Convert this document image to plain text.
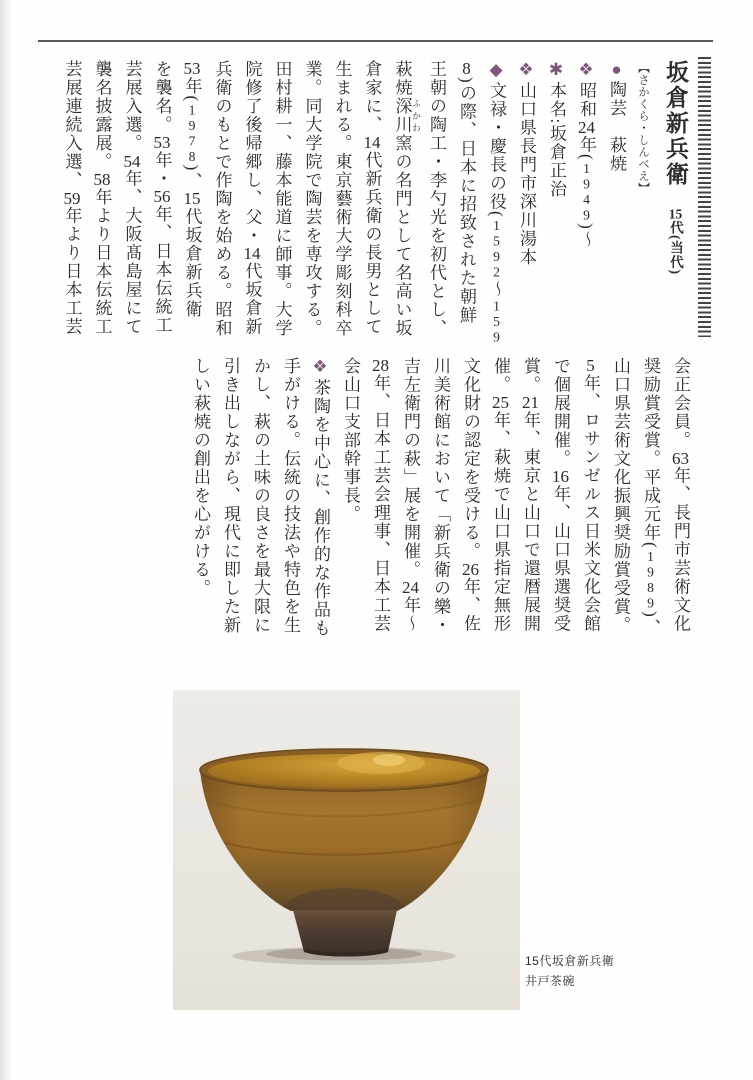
坂倉新兵衛 15代(当代)
【さかくら・しんべえ】
●陶芸　萩焼
❖昭和24年(1949)〜
✱本名:坂倉正治
❖山口県長門市深川湯本
◆文禄・慶長の役(1592〜159
8)の際、日本に招致された朝鮮
王朝の陶工・李勺光を初代とし、
萩焼深川 ふかわ窯の名門として名高い坂
倉家に、14代新兵衛の長男として
生まれる。東京藝術大学彫刻科卒
業。同大学院で陶芸を専攻する。
田村耕一、藤本能道に師事。大学
院修了後帰郷し、父・14代坂倉新
兵衛のもとで作陶を始める。昭和
53年(1978)、15代坂倉新兵衛
を襲名。53年・56年、日本伝統工
芸展入選。54年、大阪髙島屋にて
襲名披露展。58年より日本伝統工
芸展連続入選、59年より日本工芸
会正会員。63年、長門市芸術文化
奨励賞受賞。平成元年(1989)、
山口県芸術文化振興奨励賞受賞。
5年、ロサンゼルス日米文化会館
で個展開催。16年、山口県選奨受
賞。21年、東京と山口で還暦展開
催。25年、萩焼で山口県指定無形
文化財の認定を受ける。26年、佐
川美術館において「新兵衛の樂・
吉左衛門の萩」展を開催。24年〜
28年、日本工芸会理事、日本工芸
会山口支部幹事長。
❖茶陶を中心に、創作的な作品も
手がける。伝統の技法や特色を生
かし、萩の土味の良さを最大限に
引き出しながら、現代に即した新
しい萩焼の創出を心がける。
15代坂倉新兵衛
井戸茶碗
